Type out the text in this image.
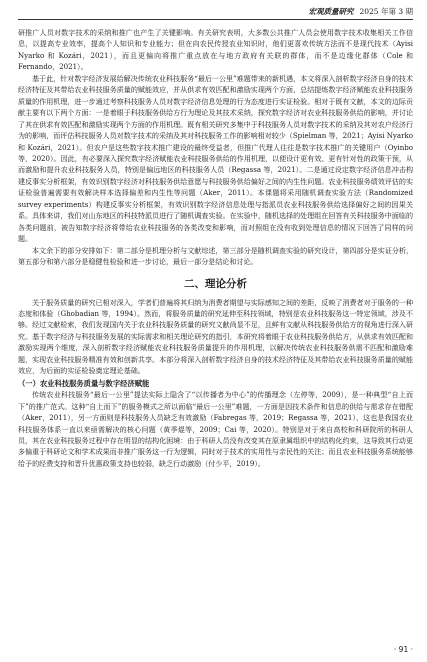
宏观质量研究 2025 年第 3 期

研推广人员对数字技术的采纳和推广也产生了关键影响。有关研究表明，大多数公共推广人员会使用数字技术收集相关工作信息，以提高专业效率，提高个人知识和专业能力；但在向农民传授农业知识时，他们更喜欢传统方法而不是现代技术（Ayisi Nyarko 和 Kozári，2021），而且更偏向将推广重点放在与地方政府有关联的群体，而不是边缘化群体（Cole 和 Fernando，2021）。

基于此，针对数字经济发展给解决传统农业科技服务“最后一公里”难题带来的新机遇，本文将深入剖析数字经济自身的技术经济特征及其带给农业科技服务质量的赋能效应，并从供求有效匹配和激励实现两个方面，总结提炼数字经济赋能农业科技服务质量的作用机理，进一步通过考察科技服务人员对数字经济信息处理的行为态度进行实证检验。相对于既有文献，本文的边际贡献主要有以下两个方面：一是着眼于科技服务供给方行为理论及其技术采纳，探究数字经济对农业科技服务供给的影响，并讨论了其在供求有效匹配和激励实现两个方面的作用机理。既有相关研究多集中于科技服务人员对数字技术的采纳及其对农户经济行为的影响，而评估科技服务人员对数字技术的采纳及其对科技服务工作的影响相对较少（Spielman 等，2021；Ayisi Nyarko 和 Kozári，2021）。但农户是这些数字技术推广建设的最终受益者，但推广代理人往往是数字技术推广的关键用户（Oyinbo 等，2020）。因此，有必要深入探究数字经济赋能农业科技服务供给的作用机理，以便设计更有效、更有针对性的政策干预，从而激励和提升农业科技服务人员，特别是偏远地区的科技服务人员（Regassa 等，2021）。二是通过设定数字经济信息冲击构建反事实分析框架，有效识别数字经济对科技服务供给意愿与科技服务供给偏好之间的内生性问题。农业科技服务绩效评估的实证检验普遍需要有效解决样本选择偏差和内生性等问题（Aker，2011）。本课题将采用随机调查实验方法（Randomized survey experiments）构建反事实分析框架，有效识别数字经济信息处理与指派员农业科技服务供给选择偏好之间的因果关系。具体来讲，我们对山东地区的科技特派员进行了随机调查实验。在实验中，随机选择的处理组在回答有关科技服务中面临的各类问题前，被告知数字经济将带给农业科技服务的各类改变和影响，而对照组在没有收到处理信息的情况下回答了同样的问题。

本文余下的部分安排如下：第二部分是机理分析与文献综述，第三部分是随机调查实验的研究设计，第四部分是实证分析，第五部分和第六部分是稳健性检验和进一步讨论，最后一部分是结论和讨论。

二、理论分析

关于服务质量的研究已相对深入，学者们普遍将其归纳为消费者期望与实际感知之间的差距，反映了消费者对于服务的一种态度和体验（Ghobadian 等，1994）。然而，将服务质量的研究延伸至科技领域，特别是农业科技服务这一特定领域，涉及不够。经过文献检索，我们发现国内关于农业科技服务质量的研究文献尚显不足，且鲜有文献从科技服务供给方的视角进行深入研究。基于数字经济与科技服务发展的实际需求和相关理论研究的指引，本研究将着眼于农业科技服务供给方，从供求有效匹配和激励实现两个维度，深入剖析数字经济赋能农业科技服务质量提升的作用机理，以解决传统农业科技服务供需不匹配和激励难题，实现农业科技服务精准有效和创新共享。本部分将深入剖析数字经济自身的技术经济特征及其带给农业科技服务质量的赋能效应，为后面的实证检验奠定理论基础。

（一）农业科技服务质量与数字经济赋能

传统农业科技服务“最后一公里”提法实际上隐含了“以传播者为中心”的传播理念（左停等，2009），是一种典型“自上而下”的推广范式。这种“自上而下”的服务模式之所以面临“最后一公里”难题，一方面是因技术条件和信息的供给与需求存在错配（Aker，2011），另一方面则是科技服务人员缺乏有效激励（Fabregas 等，2019；Regassa 等，2021），这也是我国农业科技服务体系一直以来亟需解决的核心问题（黄季焜等，2009；Cai 等，2020）。特别是对于来自高校和科研院所的科研人员，其在农业科技服务过程中存在明显的结构化困境：由于科研人员没有改变其在原隶属组织中的结构化约束，这导致其行动更多偏重于科研论文和学术成果而非推广服务这一行为逻辑，同时对于技术的实用性与亲民性的关注；而且农业科技服务系统能够给予的经费支持和晋升优惠政策支持也较弱，缺乏行动激励（付少平，2019）。

· 91 ·
